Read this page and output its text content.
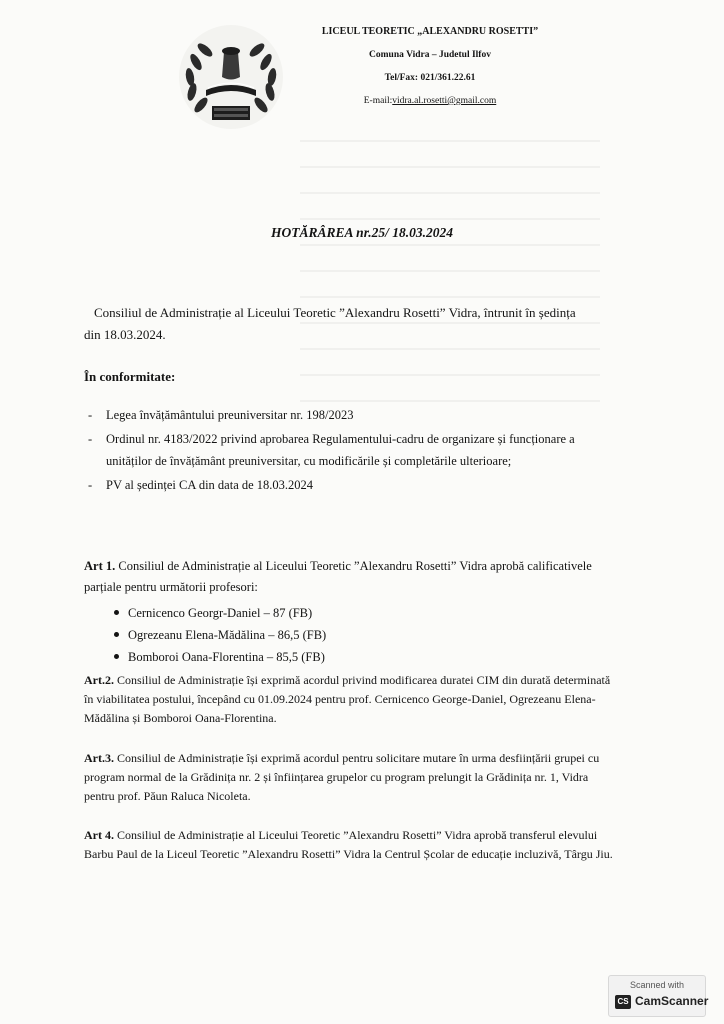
LICEUL TEORETIC „ALEXANDRU ROSETTI”
Comuna Vidra – Judetul Ilfov
Tel/Fax: 021/361.22.61
E-mail:vidra.al.rosetti@gmail.com
HOTĂRÂREA nr.25/ 18.03.2024
Consiliul de Administrație al Liceului Teoretic ”Alexandru Rosetti” Vidra, întrunit în ședința din 18.03.2024.
În conformitate:
- Legea învățământului preuniversitar nr. 198/2023
- Ordinul nr. 4183/2022 privind aprobarea Regulamentului-cadru de organizare și funcționare a unităților de învățământ preuniversitar, cu modificările și completările ulterioare;
- PV al ședinței CA din data de 18.03.2024
Art 1. Consiliul de Administrație al Liceului Teoretic ”Alexandru Rosetti” Vidra aprobă calificativele parțiale pentru următorii profesori:
Cernicenco Georgr-Daniel – 87 (FB)
Ogrezeanu Elena-Mădălina – 86,5 (FB)
Bomboroi Oana-Florentina – 85,5 (FB)
Art.2. Consiliul de Administrație își exprimă acordul privind modificarea duratei CIM din durată determinată în viabilitatea postului, începând cu 01.09.2024 pentru prof. Cernicenco George-Daniel, Ogrezeanu Elena-Mădălina și Bomboroi Oana-Florentina.
Art.3. Consiliul de Administrație își exprimă acordul pentru solicitare mutare în urma desființării grupei cu program normal de la Grădinița nr. 2 și înființarea grupelor cu program prelungit la Grădinița nr. 1, Vidra pentru prof. Păun Raluca Nicoleta.
Art 4. Consiliul de Administrație al Liceului Teoretic ”Alexandru Rosetti” Vidra aprobă transferul elevului Barbu Paul de la Liceul Teoretic ”Alexandru Rosetti” Vidra la Centrul Școlar de educație incluzivă, Târgu Jiu.
Scanned with
CS CamScanner
